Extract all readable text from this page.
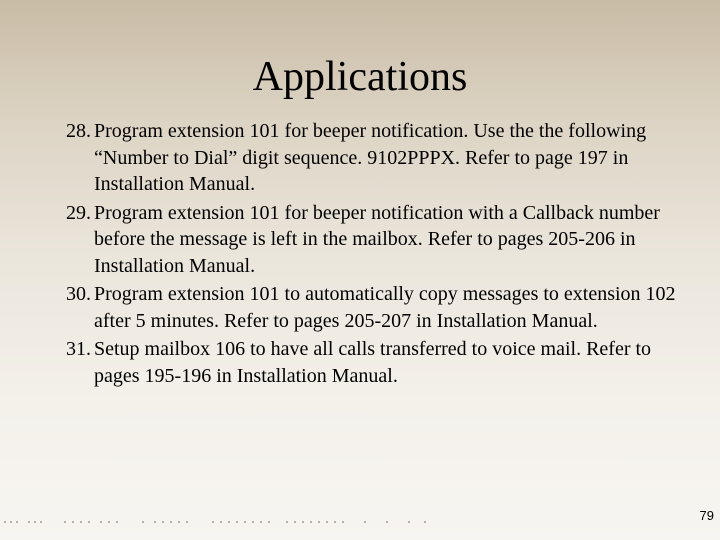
Applications
28. Program extension 101 for beeper notification. Use the the following “Number to Dial” digit sequence. 9102PPPX. Refer to page 197 in Installation Manual.
29. Program extension 101 for beeper notification with a Callback number before the message is left in the mailbox. Refer to pages 205-206 in Installation Manual.
30. Program extension 101 to automatically copy messages to extension 102 after 5 minutes. Refer to pages 205-207 in Installation Manual.
31. Setup mailbox 106 to have all calls transferred to voice mail. Refer to pages 195-196 in Installation Manual.
79
